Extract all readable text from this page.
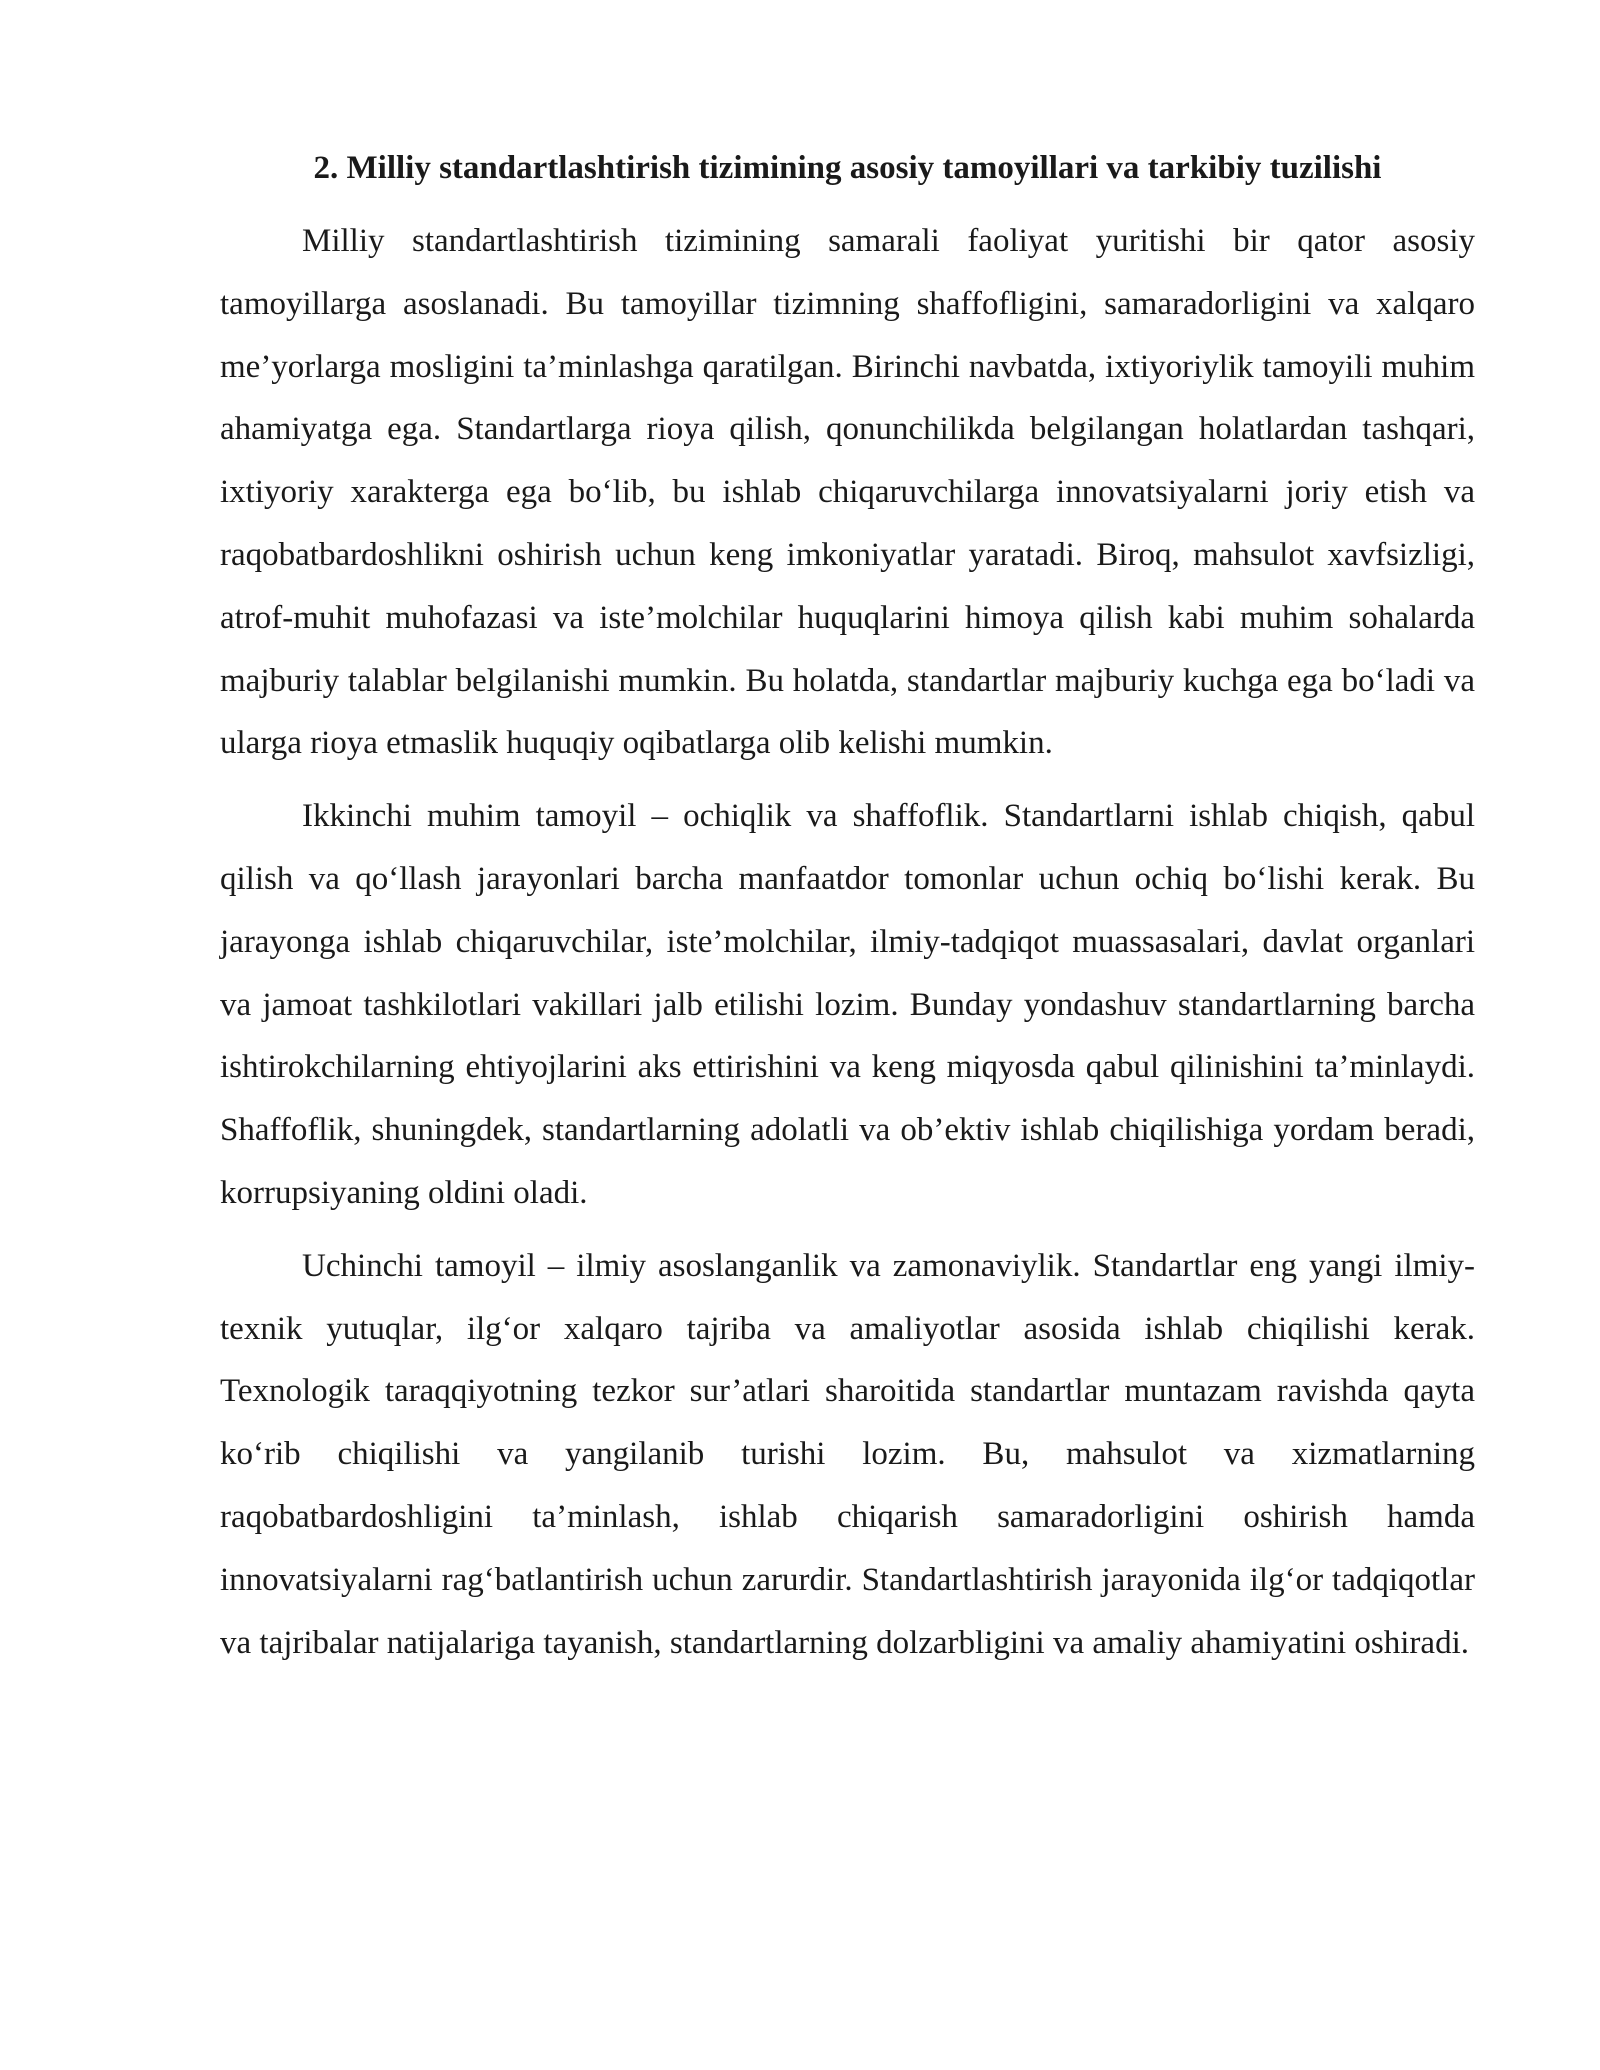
2. Milliy standartlashtirish tizimining asosiy tamoyillari va tarkibiy tuzilishi

Milliy standartlashtirish tizimining samarali faoliyat yuritishi bir qator asosiy tamoyillarga asoslanadi. Bu tamoyillar tizimning shaffofligini, samaradorligini va xalqaro me’yorlarga mosligini ta’minlashga qaratilgan. Birinchi navbatda, ixtiyoriylik tamoyili muhim ahamiyatga ega. Standartlarga rioya qilish, qonunchilikda belgilangan holatlardan tashqari, ixtiyoriy xarakterga ega bo‘lib, bu ishlab chiqaruvchilarga innovatsiyalarni joriy etish va raqobatbardoshlikni oshirish uchun keng imkoniyatlar yaratadi. Biroq, mahsulot xavfsizligi, atrof-muhit muhofazasi va iste’molchilar huquqlarini himoya qilish kabi muhim sohalarda majburiy talablar belgilanishi mumkin. Bu holatda, standartlar majburiy kuchga ega bo‘ladi va ularga rioya etmaslik huquqiy oqibatlarga olib kelishi mumkin.

Ikkinchi muhim tamoyil – ochiqlik va shaffoflik. Standartlarni ishlab chiqish, qabul qilish va qo‘llash jarayonlari barcha manfaatdor tomonlar uchun ochiq bo‘lishi kerak. Bu jarayonga ishlab chiqaruvchilar, iste’molchilar, ilmiy-tadqiqot muassasalari, davlat organlari va jamoat tashkilotlari vakillari jalb etilishi lozim. Bunday yondashuv standartlarning barcha ishtirokchilarning ehtiyojlarini aks ettirishini va keng miqyosda qabul qilinishini ta’minlaydi. Shaffoflik, shuningdek, standartlarning adolatli va ob’ektiv ishlab chiqilishiga yordam beradi, korrupsiyaning oldini oladi.

Uchinchi tamoyil – ilmiy asoslanganlik va zamonaviylik. Standartlar eng yangi ilmiy-texnik yutuqlar, ilg‘or xalqaro tajriba va amaliyotlar asosida ishlab chiqilishi kerak. Texnologik taraqqiyotning tezkor sur’atlari sharoitida standartlar muntazam ravishda qayta ko‘rib chiqilishi va yangilanib turishi lozim. Bu, mahsulot va xizmatlarning raqobatbardoshligini ta’minlash, ishlab chiqarish samaradorligini oshirish hamda innovatsiyalarni rag‘batlantirish uchun zarurdir. Standartlashtirish jarayonida ilg‘or tadqiqotlar va tajribalar natijalariga tayanish, standartlarning dolzarbligini va amaliy ahamiyatini oshiradi.
